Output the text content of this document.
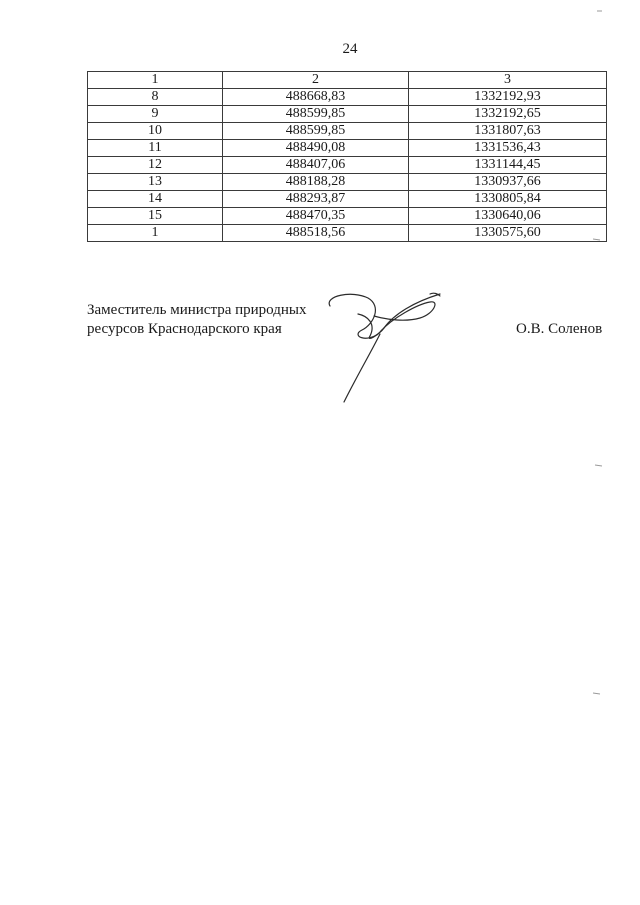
24
1	2	3
8	488668,83	1332192,93
9	488599,85	1332192,65
10	488599,85	1331807,63
11	488490,08	1331536,43
12	488407,06	1331144,45
13	488188,28	1330937,66
14	488293,87	1330805,84
15	488470,35	1330640,06
1	488518,56	1330575,60
Заместитель министра природных
ресурсов Краснодарского края	О.В. Соленов
